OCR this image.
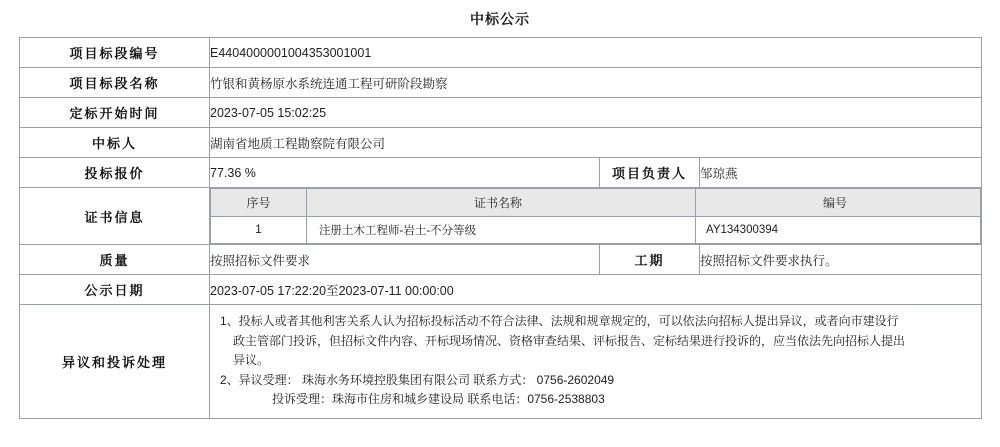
中标公示
项目标段编号	E4404000001004353001001
项目标段名称	竹银和黄杨原水系统连通工程可研阶段勘察
定标开始时间	2023-07-05 15:02:25
中标人	湖南省地质工程勘察院有限公司
投标报价	77.36 %	项目负责人	邹琼燕
证书信息	
序号	证书名称	编号
1	注册土木工程师-岩土-不分等级	AY134300394

质量	按照招标文件要求	工期	按照招标文件要求执行。
公示日期	2023-07-05 17:22:20至2023-07-11 00:00:00
异议和投诉处理	

1、投标人或者其他利害关系人认为招标投标活动不符合法律、法规和规章规定的，可以依法向招标人提出异议，或者向市建设行

政主管部门投诉，但招标文件内容、开标现场情况、资格审查结果、评标报告、定标结果进行投诉的，应当依法先向招标人提出

异议。

2、异议受理： 珠海水务环境控股集团有限公司 联系方式： 0756-2602049

投诉受理：珠海市住房和城乡建设局 联系电话：0756-2538803
